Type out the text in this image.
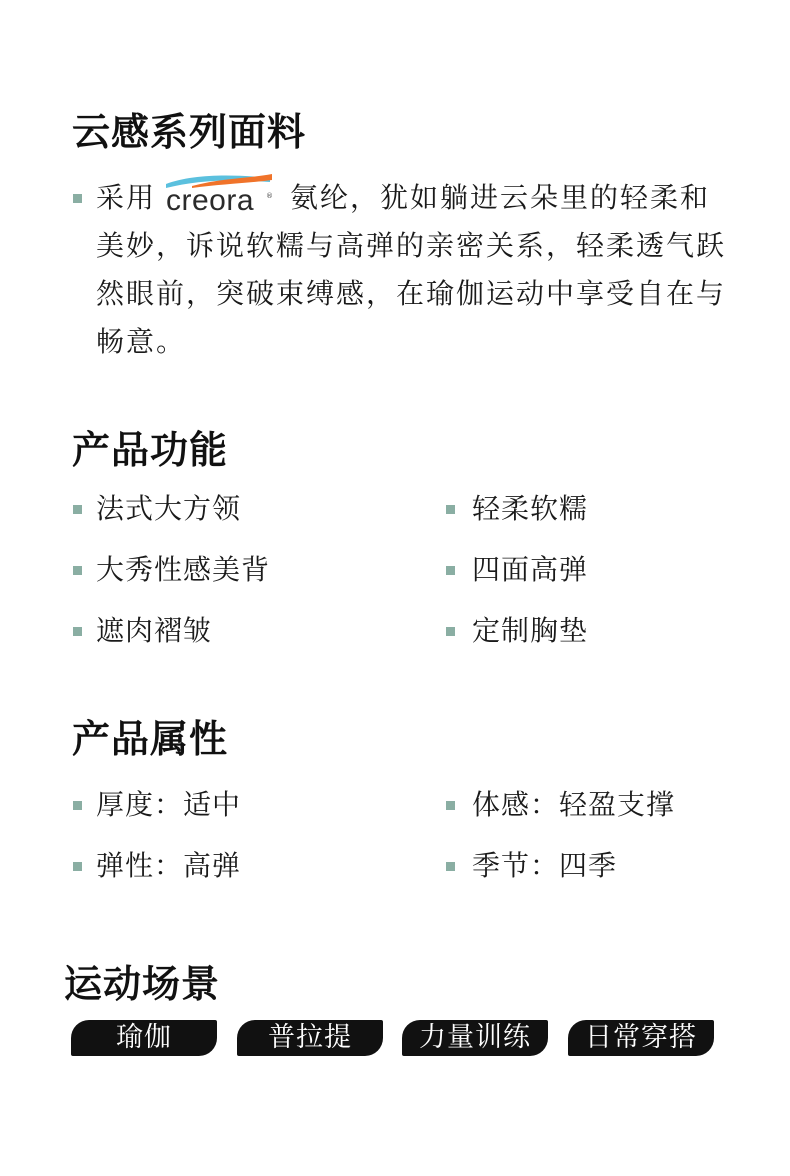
云感系列面料
采用 creora ® 氨纶，犹如躺进云朵里的轻柔和
美妙，诉说软糯与高弹的亲密关系，轻柔透气跃
然眼前，突破束缚感，在瑜伽运动中享受自在与
畅意。
产品功能
法式大方领	轻柔软糯
大秀性感美背	四面高弹
遮肉褶皱	定制胸垫
产品属性
厚度：适中	体感：轻盈支撑
弹性：高弹	季节：四季
运动场景
瑜伽	普拉提	力量训练	日常穿搭
